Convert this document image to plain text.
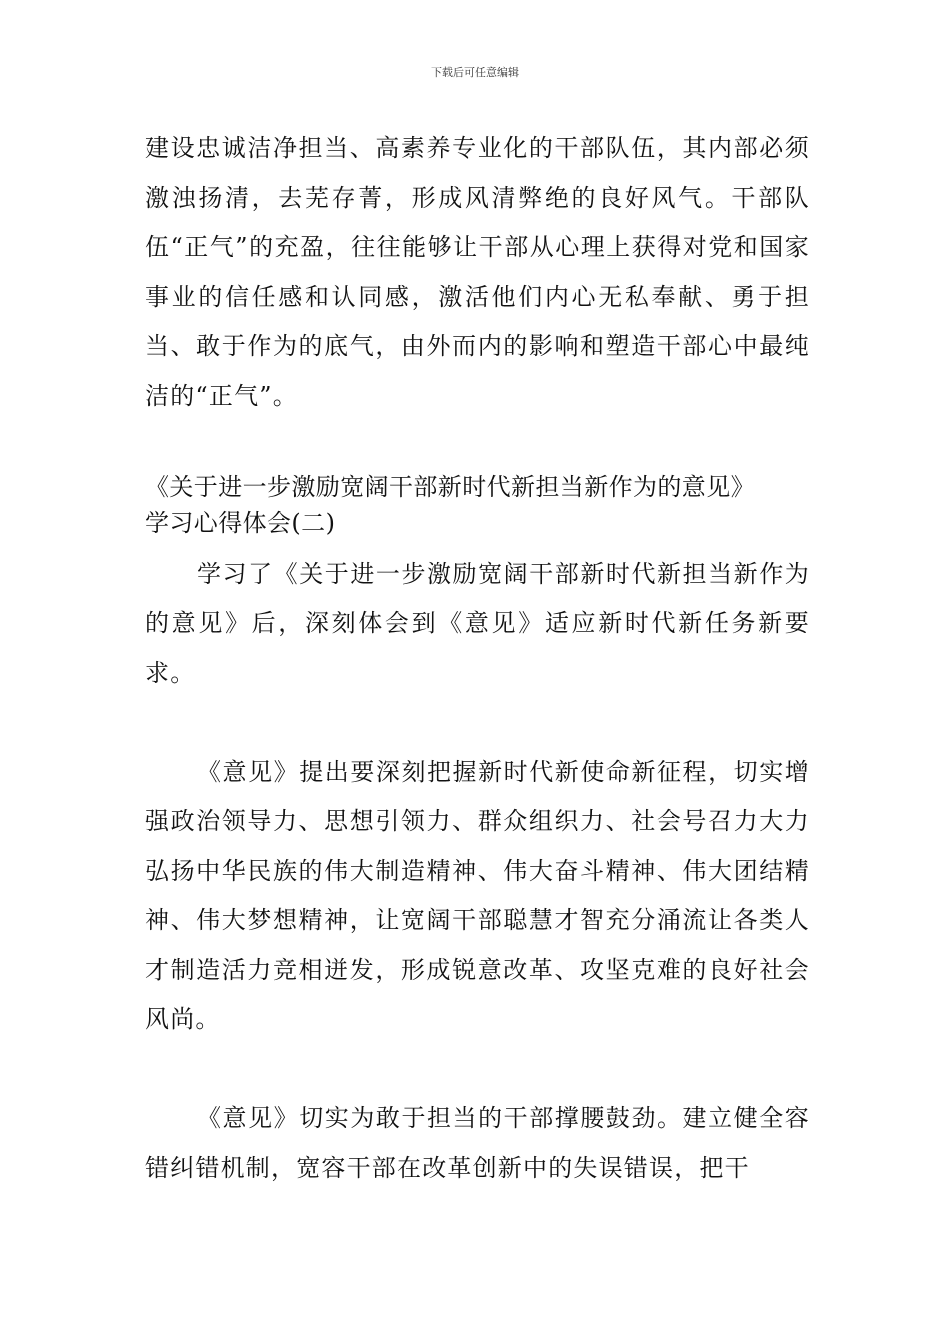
下载后可任意编辑

建设忠诚洁净担当、高素养专业化的干部队伍，其内部必须激浊扬清，去芜存菁，形成风清弊绝的良好风气。干部队伍“正气”的充盈，往往能够让干部从心理上获得对党和国家事业的信任感和认同感，激活他们内心无私奉献、勇于担当、敢于作为的底气，由外而内的影响和塑造干部心中最纯洁的“正气”。

《关于进一步激励宽阔干部新时代新担当新作为的意见》

学习心得体会(二)

学习了《关于进一步激励宽阔干部新时代新担当新作为的意见》后，深刻体会到《意见》适应新时代新任务新要求。

《意见》提出要深刻把握新时代新使命新征程，切实增强政治领导力、思想引领力、群众组织力、社会号召力大力弘扬中华民族的伟大制造精神、伟大奋斗精神、伟大团结精神、伟大梦想精神，让宽阔干部聪慧才智充分涌流让各类人才制造活力竞相迸发，形成锐意改革、攻坚克难的良好社会风尚。

《意见》切实为敢于担当的干部撑腰鼓劲。建立健全容错纠错机制，宽容干部在改革创新中的失误错误，把干
